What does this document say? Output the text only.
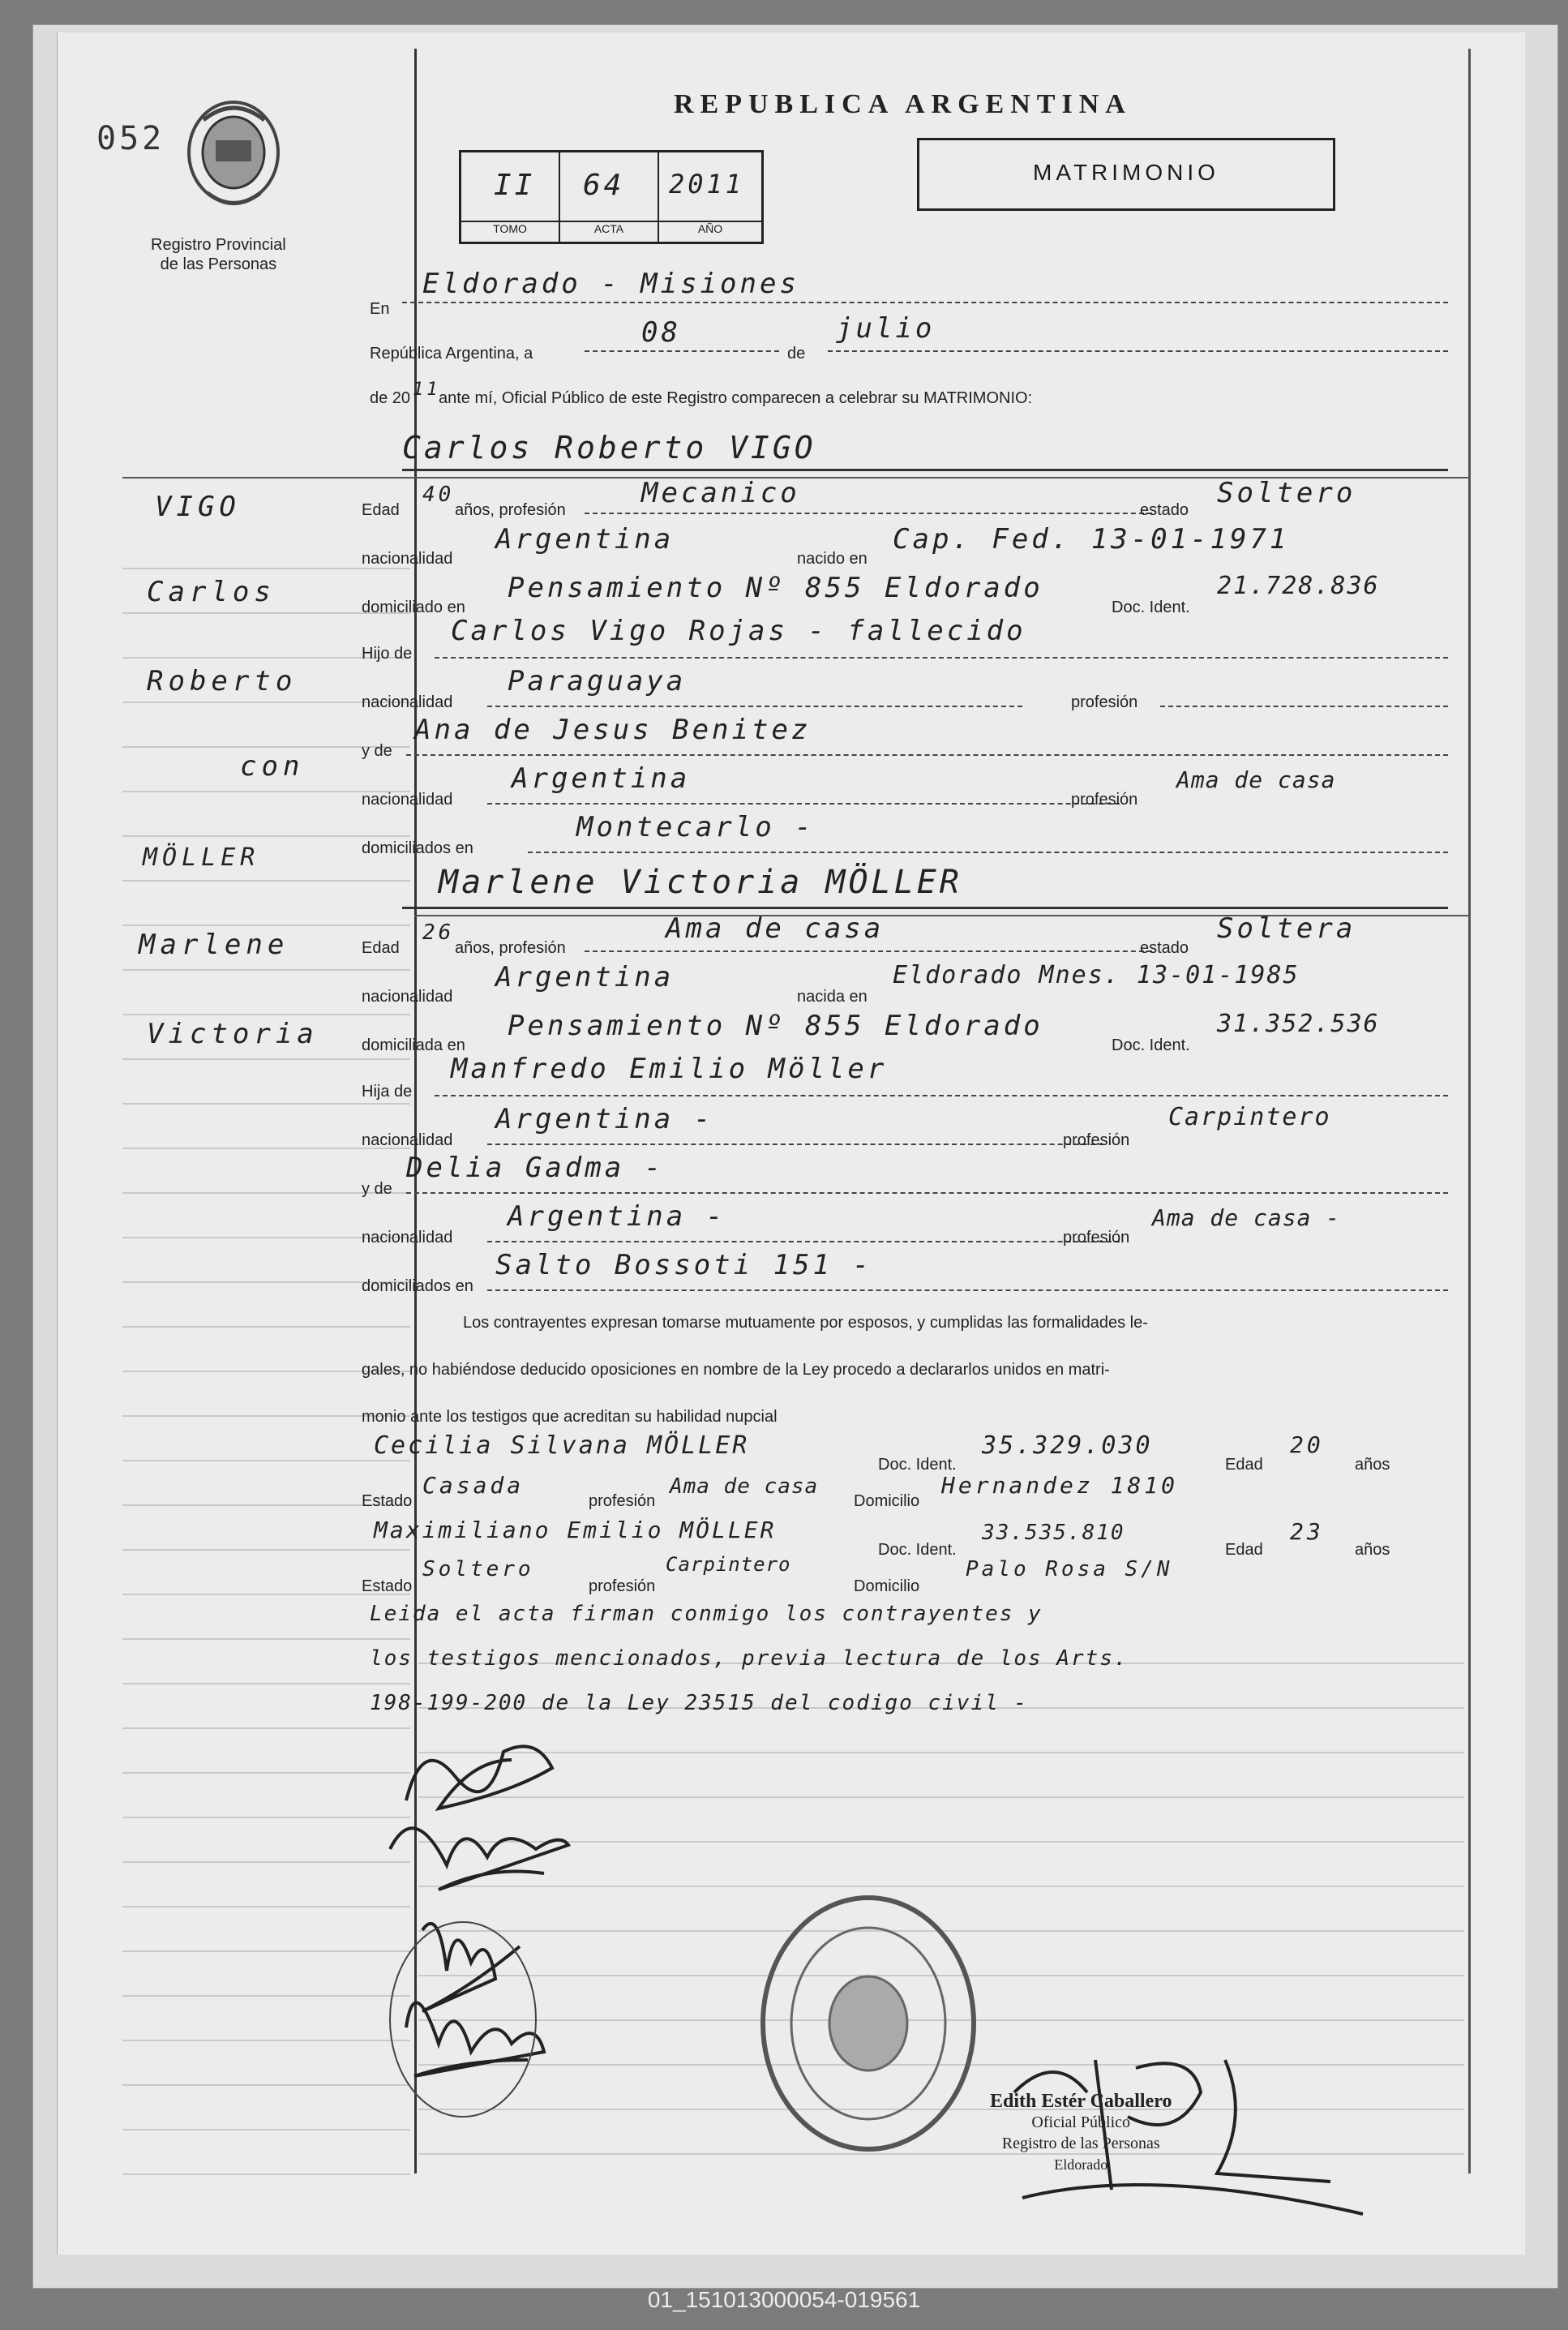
052
Registro Provincial
de las Personas
REPUBLICA ARGENTINA
II 64 2011
TOMO	ACTA	AÑO
MATRIMONIO
En
Eldorado - Misiones
República Argentina, a
08
de
julio
de 20 11
ante mí, Oficial Público de este Registro comparecen a celebrar su MATRIMONIO:
Carlos Roberto VIGO
VIGO
Carlos
Roberto
con
MÖLLER
Marlene
Victoria
Edad
40
años, profesión
Mecanico
estado
Soltero
nacionalidad
Argentina
nacido en
Cap. Fed. 13-01-1971
domiciliado en
Pensamiento Nº 855 Eldorado
Doc. Ident.
21.728.836
Hijo de
Carlos Vigo Rojas - fallecido
nacionalidad
Paraguaya
profesión
y de
Ana de Jesus Benitez
nacionalidad
Argentina
profesión
Ama de casa
domiciliados en
Montecarlo -
Marlene Victoria MÖLLER
Edad
26
años, profesión
Ama de casa
estado
Soltera
nacionalidad
Argentina
nacida en
Eldorado Mnes. 13-01-1985
domiciliada en
Pensamiento Nº 855 Eldorado
Doc. Ident.
31.352.536
Hija de
Manfredo Emilio Möller
nacionalidad
Argentina -
profesión
Carpintero
y de
Delia Gadma -
nacionalidad
Argentina -
profesión
Ama de casa -
domiciliados en
Salto Bossoti 151 -
Los contrayentes expresan tomarse mutuamente por esposos, y cumplidas las formalidades le-
gales, no habiéndose deducido oposiciones en nombre de la Ley procedo a declararlos unidos en matri-
monio ante los testigos que acreditan su habilidad nupcial
Cecilia Silvana MÖLLER
Doc. Ident.
35.329.030
Edad
20
años
Estado
Casada
profesión
Ama de casa
Domicilio
Hernandez 1810
Maximiliano Emilio MÖLLER
Doc. Ident.
33.535.810
Edad
23
años
Estado
Soltero
profesión
Carpintero
Domicilio
Palo Rosa S/N
Leida el acta firman conmigo los contrayentes y
los testigos mencionados, previa lectura de los Arts.
198-199-200 de la Ley 23515 del codigo civil -
Edith Estér Caballero
Oficial Público
Registro de las Personas
Eldorado
01_151013000054-019561
